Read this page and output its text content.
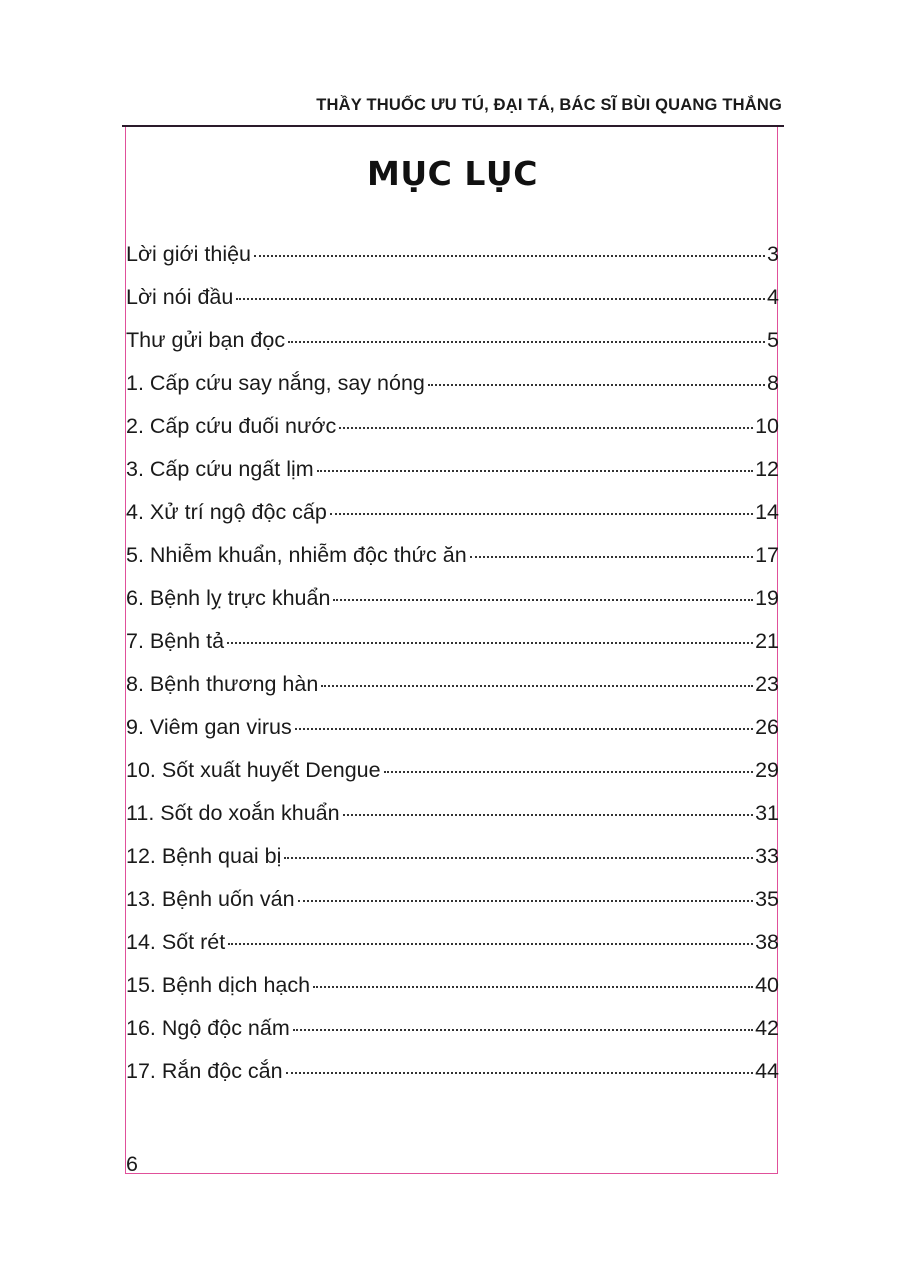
THẦY THUỐC ƯU TÚ, ĐẠI TÁ, BÁC SĨ BÙI QUANG THẮNG
MỤC LỤC
Lời giới thiệu	3
Lời nói đầu	4
Thư gửi bạn đọc	5
1. Cấp cứu say nắng, say nóng	8
2. Cấp cứu đuối nước	10
3. Cấp cứu ngất lịm	12
4. Xử trí ngộ độc cấp	14
5. Nhiễm khuẩn, nhiễm độc thức ăn	17
6. Bệnh lỵ trực khuẩn	19
7. Bệnh tả	21
8. Bệnh thương hàn	23
9. Viêm gan virus	26
10. Sốt xuất huyết Dengue	29
11. Sốt do xoắn khuẩn	31
12. Bệnh quai bị	33
13. Bệnh uốn ván	35
14. Sốt rét	38
15. Bệnh dịch hạch	40
16. Ngộ độc nấm	42
17. Rắn độc cắn	44
6
